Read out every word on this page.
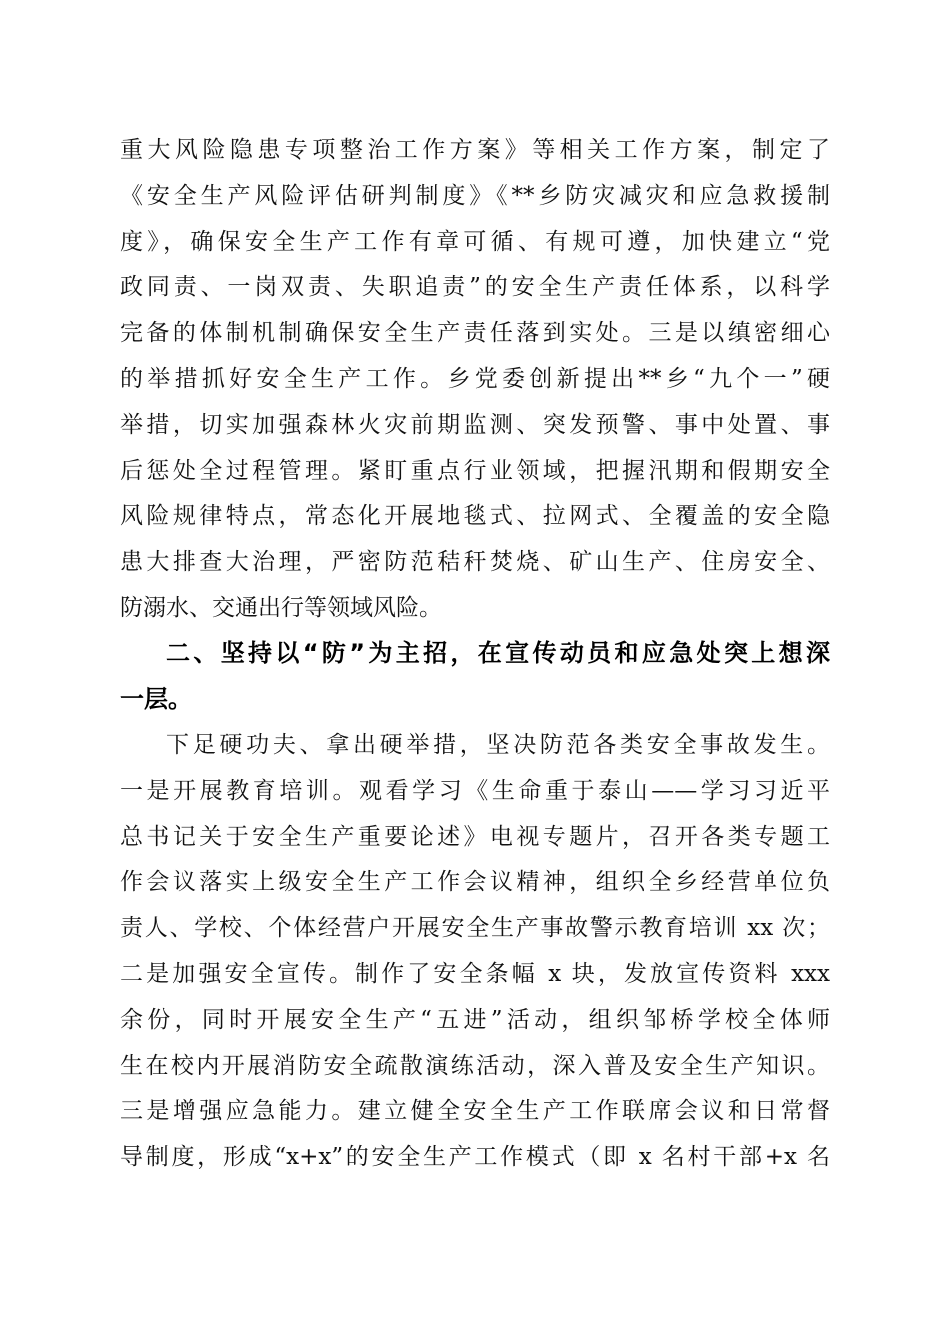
重大风险隐患专项整治工作方案》等相关工作方案，制定了
《安全生产风险评估研判制度》《**乡防灾减灾和应急救援制
度》，确保安全生产工作有章可循、有规可遵，加快建立“党
政同责、一岗双责、失职追责”的安全生产责任体系，以科学
完备的体制机制确保安全生产责任落到实处。三是以缜密细心
的举措抓好安全生产工作。乡党委创新提出**乡“九个一”硬
举措，切实加强森林火灾前期监测、突发预警、事中处置、事
后惩处全过程管理。紧盯重点行业领域，把握汛期和假期安全
风险规律特点，常态化开展地毯式、拉网式、全覆盖的安全隐
患大排查大治理，严密防范秸秆焚烧、矿山生产、住房安全、
防溺水、交通出行等领域风险。
二、坚持以“防”为主招，在宣传动员和应急处突上想深
一层。
下足硬功夫、拿出硬举措，坚决防范各类安全事故发生。
一是开展教育培训。观看学习《生命重于泰山——学习习近平
总书记关于安全生产重要论述》电视专题片，召开各类专题工
作会议落实上级安全生产工作会议精神，组织全乡经营单位负
责人、学校、个体经营户开展安全生产事故警示教育培训 xx 次；
二是加强安全宣传。制作了安全条幅 x 块，发放宣传资料 xxx
余份，同时开展安全生产“五进”活动，组织邹桥学校全体师
生在校内开展消防安全疏散演练活动，深入普及安全生产知识。
三是增强应急能力。建立健全安全生产工作联席会议和日常督
导制度，形成“x+x”的安全生产工作模式（即 x 名村干部+x 名
